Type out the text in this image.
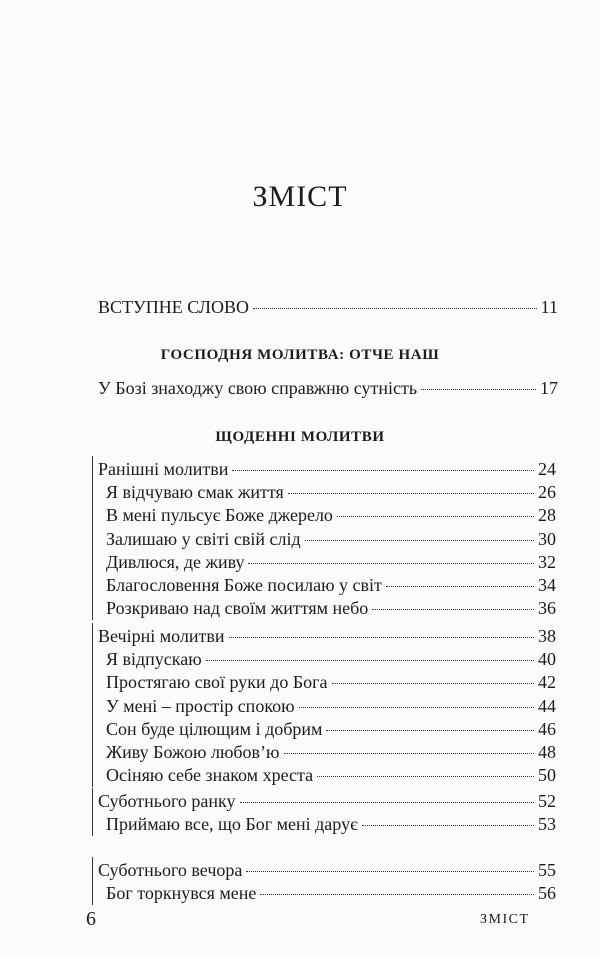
ЗМІСТ
ВСТУПНЕ СЛОВО	11
ГОСПОДНЯ МОЛИТВА: ОТЧЕ НАШ
У Бозі знаходжу свою справжню сутність	17
ЩОДЕННІ МОЛИТВИ
Ранішні молитви	24
Я відчуваю смак життя	26
В мені пульсує Боже джерело	28
Залишаю у світі свій слід	30
Дивлюся, де живу	32
Благословення Боже посилаю у світ	34
Розкриваю над своїм життям небо	36
Вечірні молитви	38
Я відпускаю	40
Простягаю свої руки до Бога	42
У мені – простір спокою	44
Сон буде цілющим і добрим	46
Живу Божою любов’ю	48
Осіняю себе знаком хреста	50
Суботнього ранку	52
Приймаю все, що Бог мені дарує	53
Суботнього вечора	55
Бог торкнувся мене	56
6	ЗМІСТ
